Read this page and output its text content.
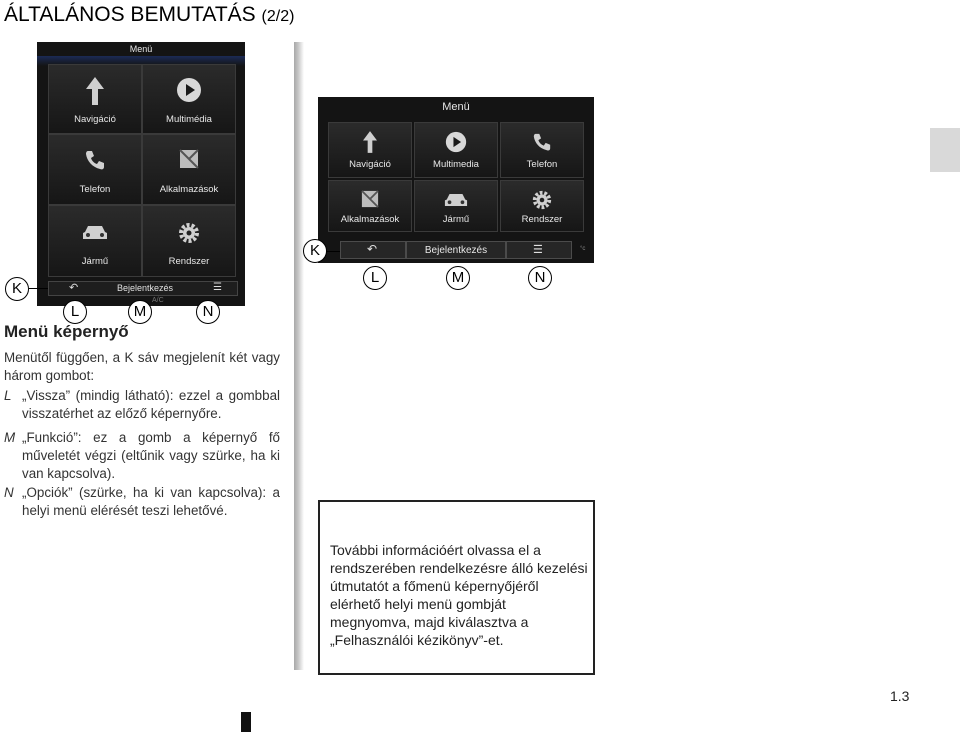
ÁLTALÁNOS BEMUTATÁS (2/2)
Menü
Navigáció	Multimédia
Telefon	Alkalmazások
Jármű	Rendszer
↶	Bejelentkezés	☰
A/C
K
L	M	N
Menü
Navigáció	Multimedia	Telefon
Alkalmazások	Jármű	Rendszer
↶	Bejelentkezés	☰	°c
K
L	M	N
Menü képernyő
Menütől függően, a K sáv megjelenít két vagy három gombot:
L „Vissza” (mindig látható): ezzel a gombbal visszatérhet az előző képernyőre.
M „Funkció”: ez a gomb a képernyő fő műveletét végzi (eltűnik vagy szürke, ha ki van kapcsolva).
N „Opciók” (szürke, ha ki van kapcsolva): a helyi menü elérését teszi lehetővé.
További információért olvassa el a rendszerében rendelkezésre álló kezelési útmutatót a főmenü képernyőjéről elérhető helyi menü gombját megnyomva, majd kiválasztva a „Felhasználói kézikönyv”-et.
1.3
